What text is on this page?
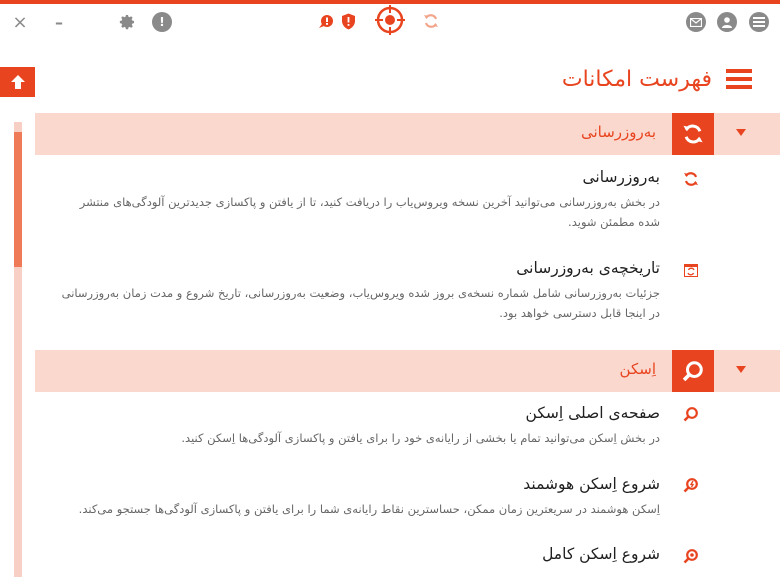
×	–	!
فهرست امکانات
به‌روزرسانی
به‌روزرسانی
در بخش به‌روزرسانی می‌توانید آخرین نسخه ویروس‌یاب را دریافت کنید، تا از یافتن و پاکسازی جدیدترین آلودگی‌های منتشر شده مطمئن شوید.
تاریخچه‌ی به‌روزرسانی
جزئیات به‌روزرسانی شامل شماره نسخه‌ی بروز شده ویروس‌یاب، وضعیت به‌روزرسانی، تاریخ شروع و مدت زمان به‌روزرسانی در اینجا قابل دسترسی خواهد بود.
اِسکن
صفحه‌ی اصلی اِسکن
در بخش اِسکن می‌توانید تمام یا بخشی از رایانه‌ی خود را برای یافتن و پاکسازی آلودگی‌ها اِسکن کنید.
شروع اِسکن هوشمند
اِسکن هوشمند در سریعترین زمان ممکن، حساسترین نقاط رایانه‌ی شما را برای یافتن و پاکسازی آلودگی‌ها جستجو می‌کند.
شروع اِسکن کامل
